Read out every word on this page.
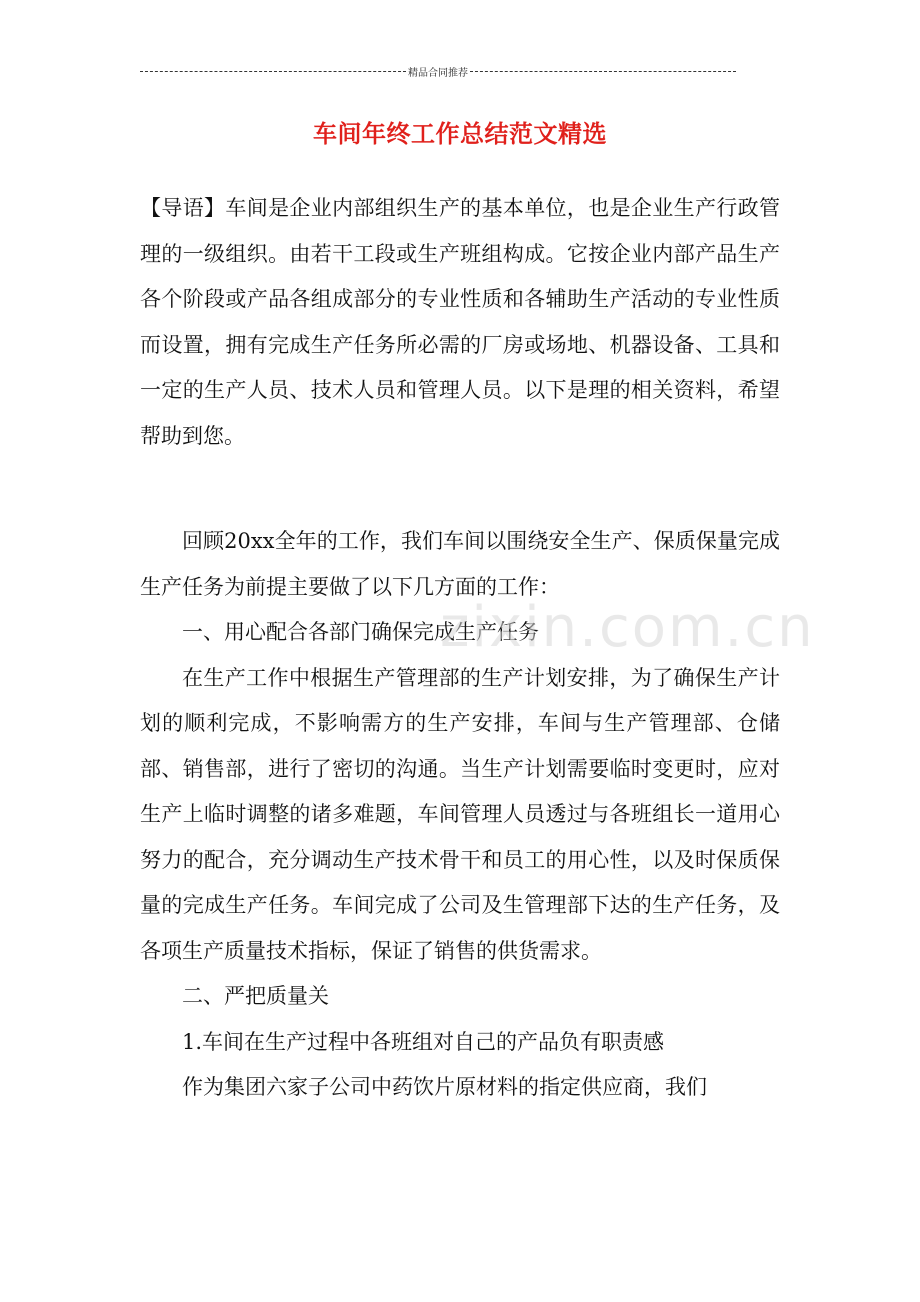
精品合同推荐
车间年终工作总结范文精选

【导语】车间是企业内部组织生产的基本单位，也是企业生产行政管理的一级组织。由若干工段或生产班组构成。它按企业内部产品生产各个阶段或产品各组成部分的专业性质和各辅助生产活动的专业性质而设置，拥有完成生产任务所必需的厂房或场地、机器设备、工具和一定的生产人员、技术人员和管理人员。以下是理的相关资料，希望帮助到您。

回顾20xx全年的工作，我们车间以围绕安全生产、保质保量完成生产任务为前提主要做了以下几方面的工作：

一、用心配合各部门确保完成生产任务

在生产工作中根据生产管理部的生产计划安排，为了确保生产计划的顺利完成，不影响需方的生产安排，车间与生产管理部、仓储部、销售部，进行了密切的沟通。当生产计划需要临时变更时，应对生产上临时调整的诸多难题，车间管理人员透过与各班组长一道用心努力的配合，充分调动生产技术骨干和员工的用心性，以及时保质保量的完成生产任务。车间完成了公司及生管理部下达的生产任务，及各项生产质量技术指标，保证了销售的供货需求。

二、严把质量关

1.车间在生产过程中各班组对自己的产品负有职责感

作为集团六家子公司中药饮片原材料的指定供应商，我们

zixin.com.cn
